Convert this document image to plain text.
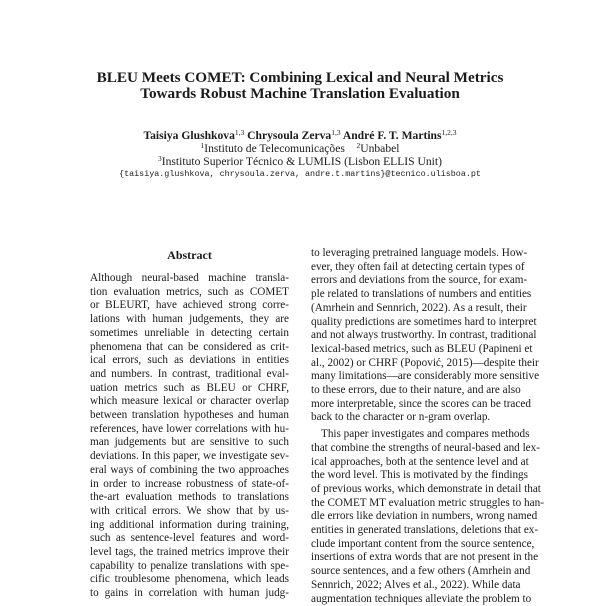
BLEU Meets COMET: Combining Lexical and Neural Metrics
Towards Robust Machine Translation Evaluation
Taisiya Glushkova$^{1,3}$ Chrysoula Zerva$^{1,3}$ André F. T. Martins$^{1,2,3}$
$^1$Instituto de Telecomunicações $^2$Unbabel
$^3$Instituto Superior Técnico & LUMLIS (Lisbon ELLIS Unit)
{taisiya.glushkova, chrysoula.zerva, andre.t.martins}@tecnico.ulisboa.pt
Abstract
Although neural-based machine transla-
tion evaluation metrics, such as COMET
or BLEURT, have achieved strong corre-
lations with human judgements, they are
sometimes unreliable in detecting certain
phenomena that can be considered as crit-
ical errors, such as deviations in entities
and numbers. In contrast, traditional eval-
uation metrics such as BLEU or CHRF,
which measure lexical or character overlap
between translation hypotheses and human
references, have lower correlations with hu-
man judgements but are sensitive to such
deviations. In this paper, we investigate sev-
eral ways of combining the two approaches
in order to increase robustness of state-of-
the-art evaluation methods to translations
with critical errors. We show that by us-
ing additional information during training,
such as sentence-level features and word-
level tags, the trained metrics improve their
capability to penalize translations with spe-
cific troublesome phenomena, which leads
to gains in correlation with human judg-
to leveraging pretrained language models. How-
ever, they often fail at detecting certain types of
errors and deviations from the source, for exam-
ple related to translations of numbers and entities
(Amrhein and Sennrich, 2022). As a result, their
quality predictions are sometimes hard to interpret
and not always trustworthy. In contrast, traditional
lexical-based metrics, such as BLEU (Papineni et
al., 2002) or CHRF (Popović, 2015)—despite their
many limitations—are considerably more sensitive
to these errors, due to their nature, and are also
more interpretable, since the scores can be traced
back to the character or n-gram overlap.
This paper investigates and compares methods
that combine the strengths of neural-based and lex-
ical approaches, both at the sentence level and at
the word level. This is motivated by the findings
of previous works, which demonstrate in detail that
the COMET MT evaluation metric struggles to han-
dle errors like deviation in numbers, wrong named
entities in generated translations, deletions that ex-
clude important content from the source sentence,
insertions of extra words that are not present in the
source sentences, and a few others (Amrhein and
Sennrich, 2022; Alves et al., 2022). While data
augmentation techniques alleviate the problem to
